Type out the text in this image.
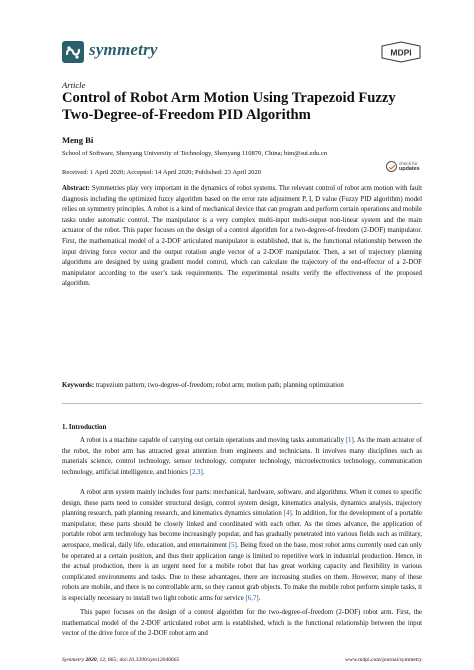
symmetry	MDPI
Article
Control of Robot Arm Motion Using Trapezoid Fuzzy Two-Degree-of-Freedom PID Algorithm
Meng Bi
School of Software, Shenyang University of Technology, Shenyang 110870, China; bim@sut.edu.cn
Received: 1 April 2020; Accepted: 14 April 2020; Published: 23 April 2020
check for
updates
Abstract: Symmetries play very important in the dynamics of robot systems. The relevant control of robot arm motion with fault diagnosis including the optimized fuzzy algorithm based on the error rate adjustment P, I, D value (Fuzzy PID algorithm) model relies on symmetry principles. A robot is a kind of mechanical device that can program and perform certain operations and mobile tasks under automatic control. The manipulator is a very complex multi-input multi-output non-linear system and the main actuator of the robot. This paper focuses on the design of a control algorithm for a two-degree-of-freedom (2-DOF) manipulator. First, the mathematical model of a 2-DOF articulated manipulator is established, that is, the functional relationship between the input driving force vector and the output rotation angle vector of a 2-DOF manipulator. Then, a set of trajectory planning algorithms are designed by using gradient model control, which can calculate the trajectory of the end-effector of a 2-DOF manipulator according to the user’s task requirements. The experimental results verify the effectiveness of the proposed algorithm.
Keywords: trapezium pattern; two-degree-of-freedom; robot arm; motion path; planning optimization
1. Introduction
A robot is a machine capable of carrying out certain operations and moving tasks automatically [1]. As the main actuator of the robot, the robot arm has attracted great attention from engineers and technicians. It involves many disciplines such as materials science, control technology, sensor technology, computer technology, microelectronics technology, communication technology, artificial intelligence, and bionics [2,3].
A robot arm system mainly includes four parts: mechanical, hardware, software, and algorithms. When it comes to specific design, these parts need to consider structural design, control system design, kinematics analysis, dynamics analysis, trajectory planning research, path planning research, and kinematics dynamics simulation [4]. In addition, for the development of a portable manipulator, these parts should be closely linked and coordinated with each other. As the times advance, the application of portable robot arm technology has become increasingly popular, and has gradually penetrated into various fields such as military, aerospace, medical, daily life, education, and entertainment [5]. Being fixed on the base, most robot arms currently used can only be operated at a certain position, and thus their application range is limited to repetitive work in industrial production. Hence, in the actual production, there is an urgent need for a mobile robot that has great working capacity and flexibility in various complicated environments and tasks. Due to these advantages, there are increasing studies on them. However, many of these robots are mobile, and there is no controllable arm, so they cannot grab objects. To make the mobile robot perform simple tasks, it is especially necessary to install two light robotic arms for service [6,7].
This paper focuses on the design of a control algorithm for the two-degree-of-freedom (2-DOF) robot arm. First, the mathematical model of the 2-DOF articulated robot arm is established, which is the functional relationship between the input vector of the drive force of the 2-DOF robot arm and
Symmetry 2020, 12, 665; doi:10.3390/sym12040665	www.mdpi.com/journal/symmetry
